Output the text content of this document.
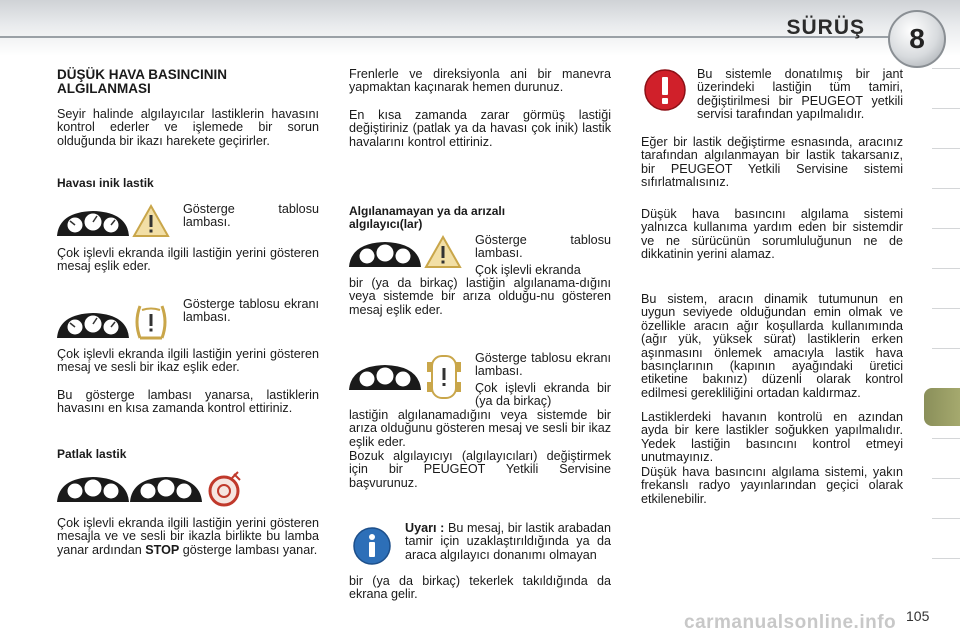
SÜRÜŞ	8
DÜŞÜK HAVA BASINCININ ALGILANMASI
Seyir halinde algılayıcılar lastiklerin havasını kontrol ederler ve işlemede bir sorun olduğunda bir ikazı harekete geçirirler.
Havası inik lastik
Gösterge tablosu lambası.
Çok işlevli ekranda ilgili lastiğin yerini gösteren mesaj eşlik eder.
Gösterge tablosu ekranı lambası.
Çok işlevli ekranda ilgili lastiğin yerini gösteren mesaj ve sesli bir ikaz eşlik eder.
Bu gösterge lambası yanarsa, lastiklerin havasını en kısa zamanda kontrol ettiriniz.
Patlak lastik
Çok işlevli ekranda ilgili lastiğin yerini gösteren mesajla ve ve sesli bir ikazla birlikte bu lamba yanar ardından STOP gösterge lambası yanar.
Frenlerle ve direksiyonla ani bir manevra yapmaktan kaçınarak hemen durunuz.
En kısa zamanda zarar görmüş lastiği değiştiriniz (patlak ya da havası çok inik) lastik havalarını kontrol ettiriniz.
Algılanamayan ya da arızalı algılayıcı(lar)
Gösterge tablosu lambası.
Çok işlevli ekranda
bir (ya da birkaç) lastiğin algılanama-dığını veya sistemde bir arıza olduğu-nu gösteren mesaj eşlik eder.
Gösterge tablosu ekranı lambası.
Çok işlevli ekranda bir (ya da birkaç)
lastiğin algılanamadığını veya sistemde bir arıza olduğunu gösteren mesaj ve sesli bir ikaz eşlik eder.
Bozuk algılayıcıyı (algılayıcıları) değiştirmek için bir PEUGEOT Yetkili Servisine başvurunuz.
Uyarı : Bu mesaj, bir lastik arabadan tamir için uzaklaştırıldığında ya da araca algılayıcı donanımı olmayan
bir (ya da birkaç) tekerlek takıldığında da ekrana gelir.
Bu sistemle donatılmış bir jant üzerindeki lastiğin tüm tamiri, değiştirilmesi bir PEUGEOT yetkili servisi tarafından yapılmalıdır.
Eğer bir lastik değiştirme esnasında, aracınız tarafından algılanmayan bir lastik takarsanız, bir PEUGEOT Yetkili Servisine sistemi sıfırlatmalısınız.
Düşük hava basıncını algılama sistemi yalnızca kullanıma yardım eden bir sistemdir ve ne sürücünün sorumluluğunun ne de dikkatinin yerini alamaz.
Bu sistem, aracın dinamik tutumunun en uygun seviyede olduğundan emin olmak ve özellikle aracın ağır koşullarda kullanımında (ağır yük, yüksek sürat) lastiklerin erken aşınmasını önlemek amacıyla lastik hava basınçlarının (kapının ayağındaki üretici etiketine bakınız) düzenli olarak kontrol edilmesi gerekliliğini ortadan kaldırmaz.
Lastiklerdeki havanın kontrolü en azından ayda bir kere lastikler soğukken yapılmalıdır. Yedek lastiğin basıncını kontrol etmeyi unutmayınız.
Düşük hava basıncını algılama sistemi, yakın frekanslı radyo yayınlarından geçici olarak etkilenebilir.
carmanualsonline.info 105
